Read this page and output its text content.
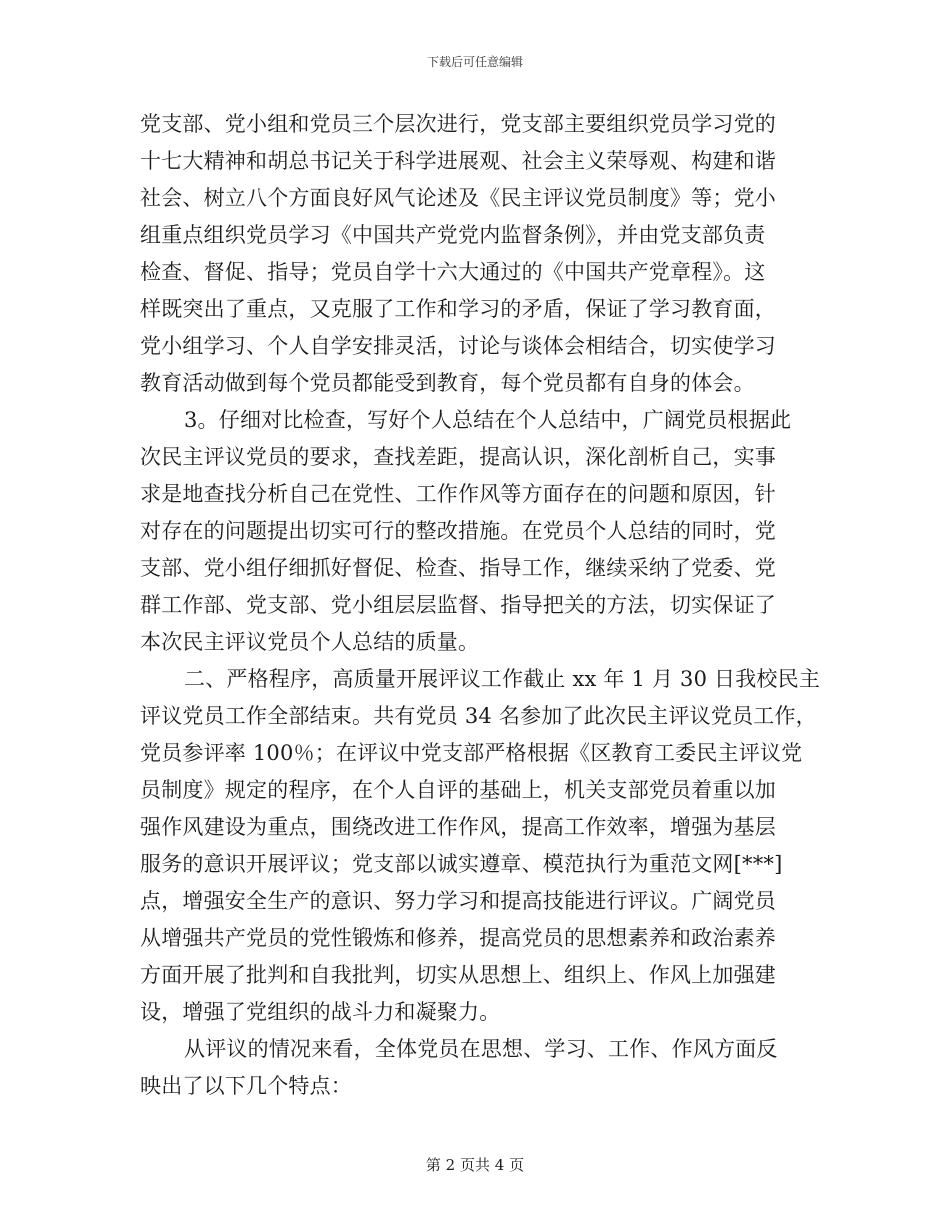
下载后可任意编辑
党支部、党小组和党员三个层次进行，党支部主要组织党员学习党的
十七大精神和胡总书记关于科学进展观、社会主义荣辱观、构建和谐
社会、树立八个方面良好风气论述及《民主评议党员制度》等；党小
组重点组织党员学习《中国共产党党内监督条例》，并由党支部负责
检查、督促、指导；党员自学十六大通过的《中国共产党章程》。这
样既突出了重点，又克服了工作和学习的矛盾，保证了学习教育面，
党小组学习、个人自学安排灵活，讨论与谈体会相结合，切实使学习
教育活动做到每个党员都能受到教育，每个党员都有自身的体会。
3。仔细对比检查，写好个人总结在个人总结中，广阔党员根据此
次民主评议党员的要求，查找差距，提高认识，深化剖析自己，实事
求是地查找分析自己在党性、工作作风等方面存在的问题和原因，针
对存在的问题提出切实可行的整改措施。在党员个人总结的同时，党
支部、党小组仔细抓好督促、检查、指导工作，继续采纳了党委、党
群工作部、党支部、党小组层层监督、指导把关的方法，切实保证了
本次民主评议党员个人总结的质量。
二、严格程序，高质量开展评议工作截止 xx 年 1 月 30 日我校民主
评议党员工作全部结束。共有党员 34 名参加了此次民主评议党员工作，
党员参评率 100％；在评议中党支部严格根据《区教育工委民主评议党
员制度》规定的程序，在个人自评的基础上，机关支部党员着重以加
强作风建设为重点，围绕改进工作作风，提高工作效率，增强为基层
服务的意识开展评议；党支部以诚实遵章、模范执行为重范文网[***]
点，增强安全生产的意识、努力学习和提高技能进行评议。广阔党员
从增强共产党员的党性锻炼和修养，提高党员的思想素养和政治素养
方面开展了批判和自我批判，切实从思想上、组织上、作风上加强建
设，增强了党组织的战斗力和凝聚力。
从评议的情况来看，全体党员在思想、学习、工作、作风方面反
映出了以下几个特点：
第 2 页共 4 页
